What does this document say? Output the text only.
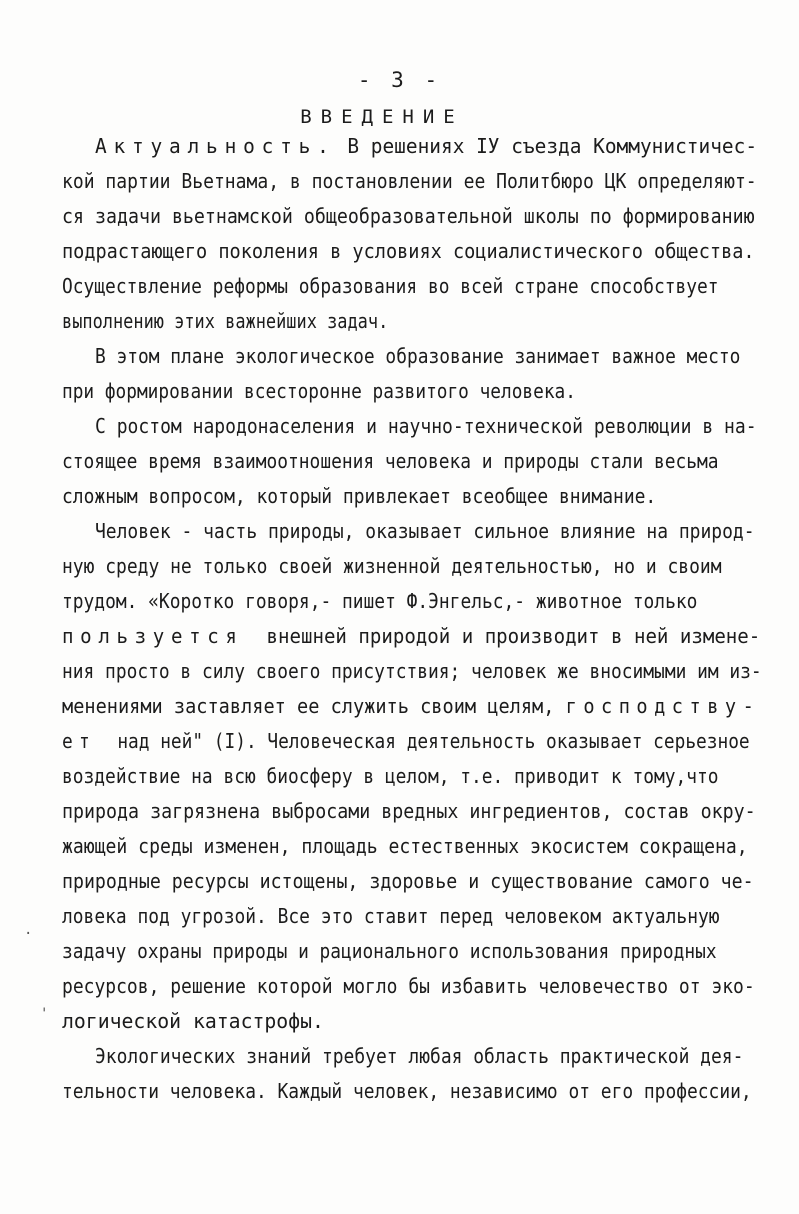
- 3 -
ВВЕДЕНИЕ
Актуальность. В решениях IУ съезда Коммунистичес-
кой партии Вьетнама, в постановлении ее Политбюро ЦК определяют-
ся задачи вьетнамской общеобразовательной школы по формированию
подрастающего поколения в условиях социалистического общества.
Осуществление реформы образования во всей стране способствует
выполнению этих важнейших задач.
В этом плане экологическое образование занимает важное место
при формировании всесторонне развитого человека.
С ростом народонаселения и научно-технической революции в на-
стоящее время взаимоотношения человека и природы стали весьма
сложным вопросом, который привлекает всеобщее внимание.
Человек - часть природы, оказывает сильное влияние на природ-
ную среду не только своей жизненной деятельностью, но и своим
трудом. «Коротко говоря,- пишет Ф.Энгельс,- животное только
пользуется  внешней природой и производит в ней измене-
ния просто в силу своего присутствия; человек же вносимыми им из-
менениями заставляет ее служить своим целям, господству-
ет  над ней" (I). Человеческая деятельность оказывает серьезное
воздействие на всю биосферу в целом, т.е. приводит к тому,что
природа загрязнена выбросами вредных ингредиентов, состав окру-
жающей среды изменен, площадь естественных экосистем сокращена,
природные ресурсы истощены, здоровье и существование самого че-
ловека под угрозой. Все это ставит перед человеком актуальную
задачу охраны природы и рационального использования природных
ресурсов, решение которой могло бы избавить человечество от эко-
логической катастрофы.
Экологических знаний требует любая область практической дея-
тельности человека. Каждый человек, независимо от его профессии,
·
'
